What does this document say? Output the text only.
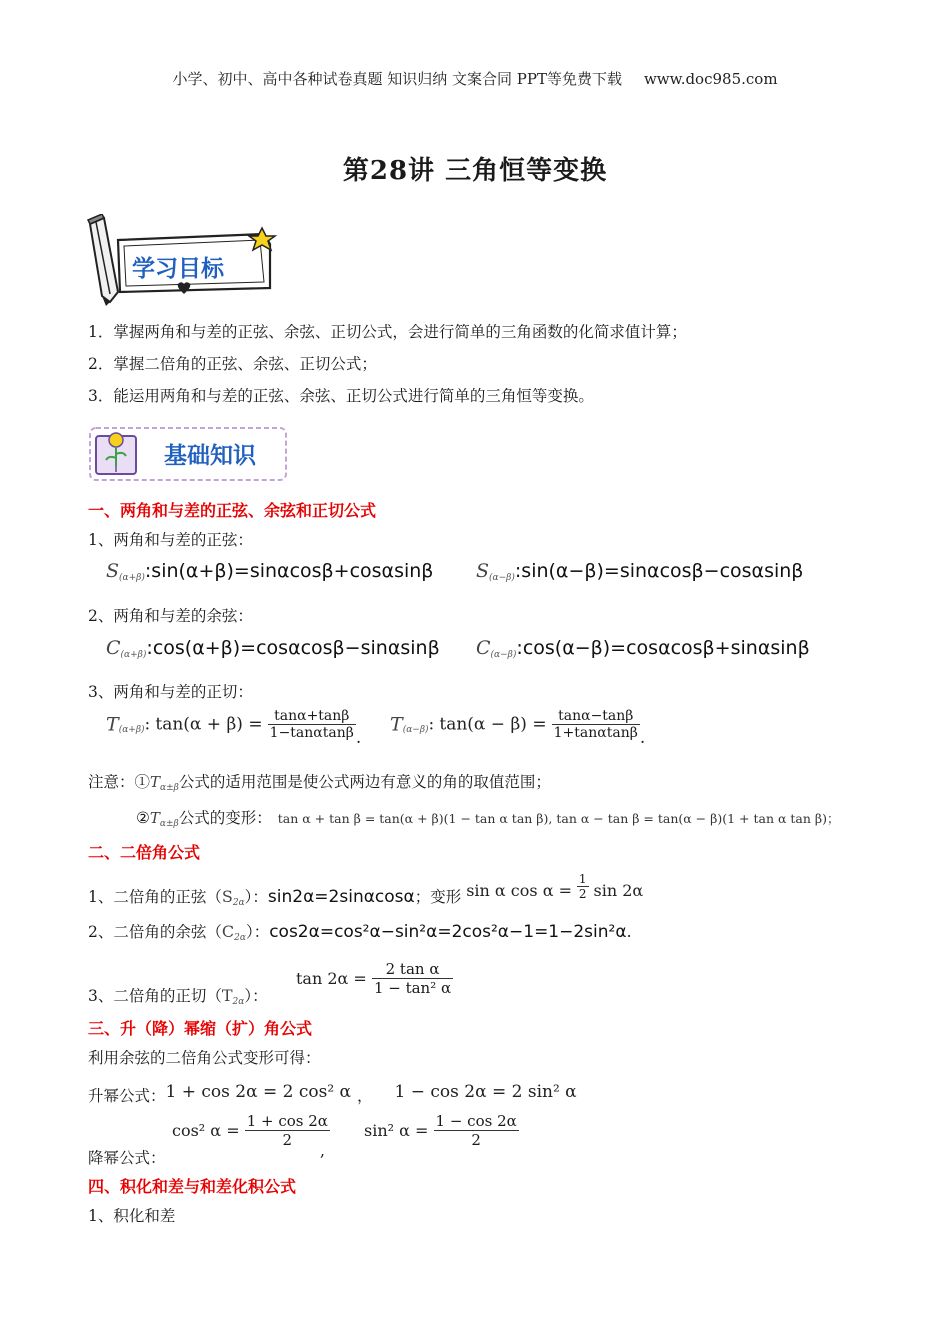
小学、初中、高中各种试卷真题 知识归纳 文案合同 PPT等免费下载 www.doc985.com
第28讲 三角恒等变换
学习目标
1．掌握两角和与差的正弦、余弦、正切公式，会进行简单的三角函数的化简求值计算；
2．掌握二倍角的正弦、余弦、正切公式；
3．能运用两角和与差的正弦、余弦、正切公式进行简单的三角恒等变换。
基础知识
一、两角和与差的正弦、余弦和正切公式
1、两角和与差的正弦：
$S_{(\alpha+\beta)}:\sin(\alpha+\beta)=\sin\alpha\cos\beta+\cos\alpha\sin\beta$ $S_{(\alpha-\beta)}:\sin(\alpha-\beta)=\sin\alpha\cos\beta-\cos\alpha\sin\beta$
2、两角和与差的余弦：
$C_{(\alpha+\beta)}:\cos(\alpha+\beta)=\cos\alpha\cos\beta-\sin\alpha\sin\beta$ $C_{(\alpha-\beta)}:\cos(\alpha-\beta)=\cos\alpha\cos\beta+\sin\alpha\sin\beta$
3、两角和与差的正切：
$T_{(\alpha+\beta)}$: $\tan(\alpha + \beta) = \frac{\tan\alpha+\tan\beta}{1-\tan\alpha\tan\beta}$ .
$T_{(\alpha-\beta)}$: $\tan(\alpha - \beta) = \frac{\tan\alpha-\tan\beta}{1+\tan\alpha\tan\beta}$ .
注意：$①T_{\alpha\pm\beta}$公式的适用范围是使公式两边有意义的角的取值范围；
$②T_{\alpha\pm\beta}$公式的变形： tan α + tan β = tan(α + β)(1 − tan α tan β), tan α − tan β = tan(α − β)(1 + tan α tan β)；
二、二倍角公式
1、二倍角的正弦$(S_{2\alpha})$：sin2α=2sinαcosα；变形 sin α $\cos \alpha = \frac{1}{2}$ sin 2α
2、二倍角的余弦$(C_{2\alpha})$：cos2α=cos²α−sin²α=2cos²α−1=1−2sin²α.
$\tan 2\alpha = \frac{\text{2 tan α}}{\text{1 − tan² α}}$
3、二倍角的正切$(T_{2\alpha})$：
三、升（降）幂缩（扩）角公式
利用余弦的二倍角公式变形可得：
升幂公式：1 + cos 2α = 2 cos² α ， 1 − cos 2α = 2 sin² α
cos² $\alpha = \frac{1 + \cos 2\alpha}{2} \sin^2$ $\alpha = \frac{1 - \cos 2\alpha}{2}$
降幂公式：	,
四、积化和差与和差化积公式
1、积化和差
